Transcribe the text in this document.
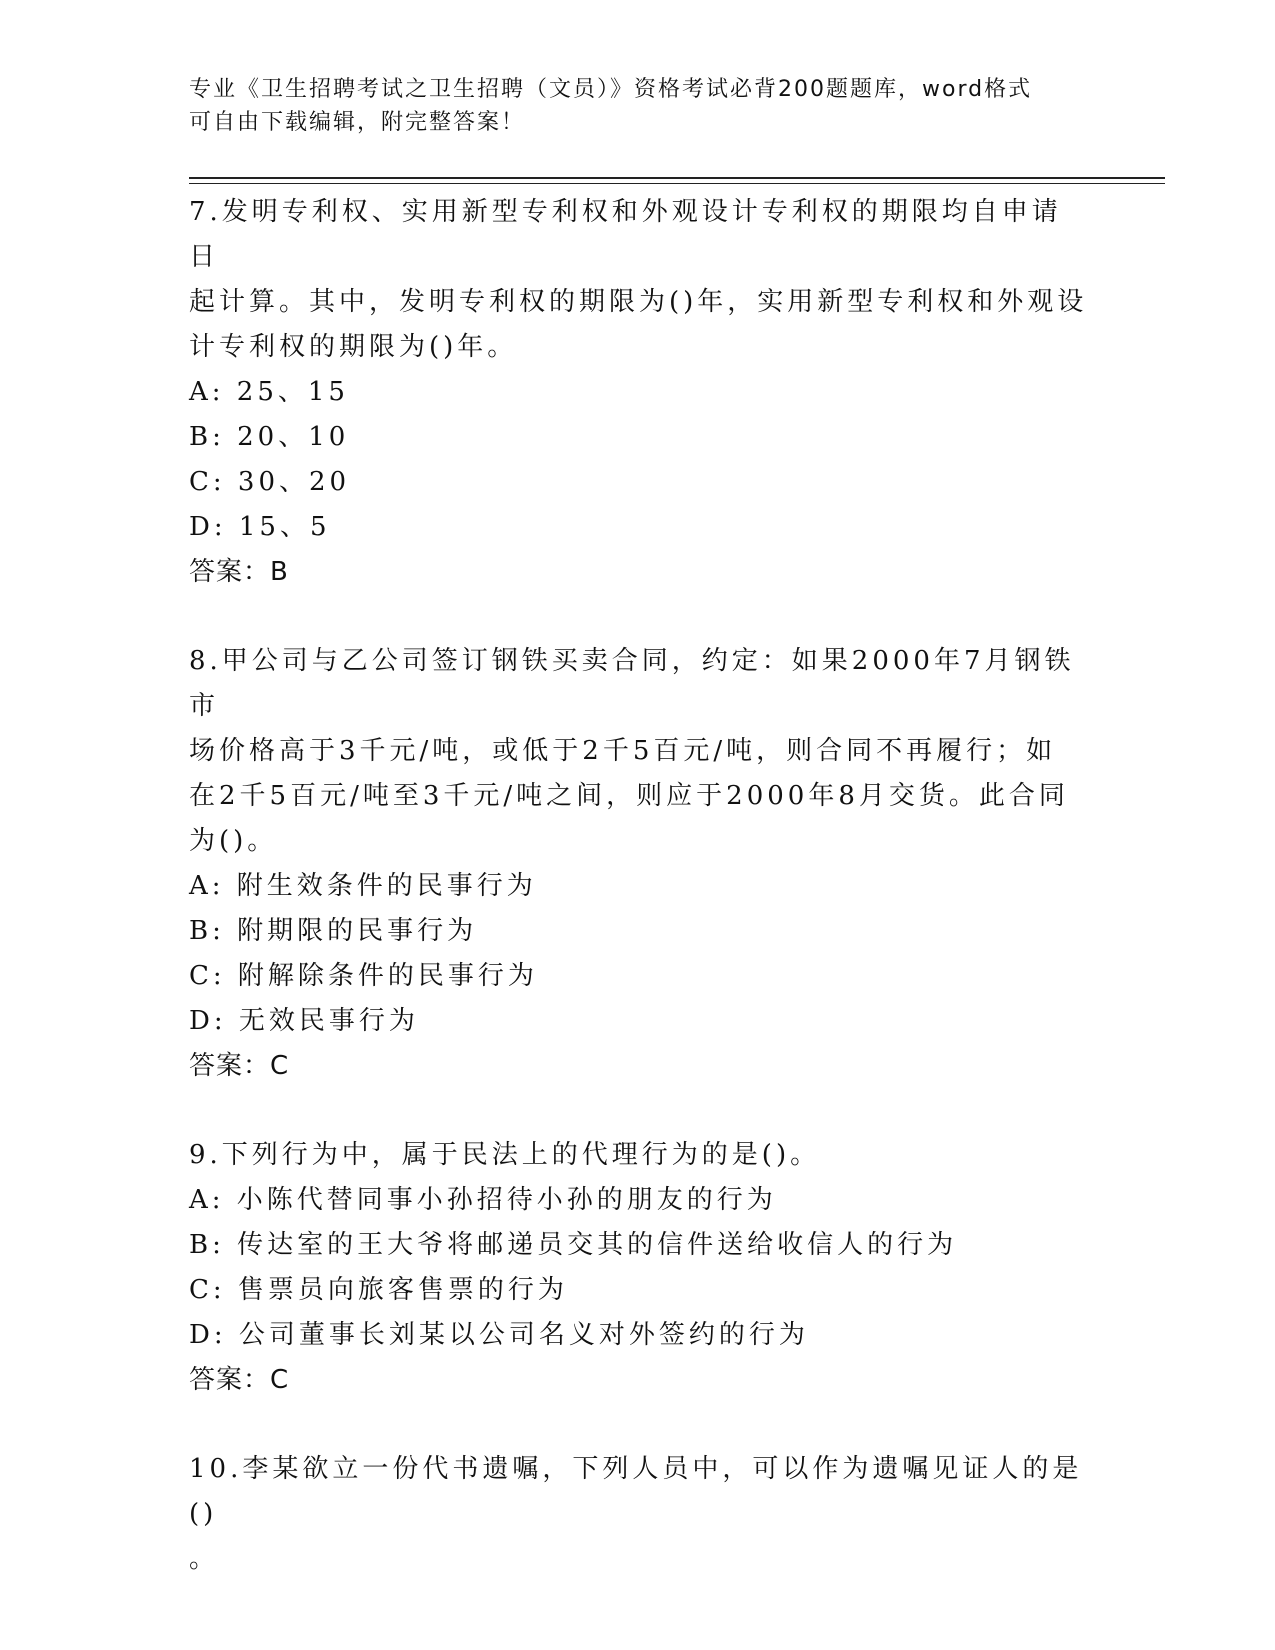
专业《卫生招聘考试之卫生招聘（文员）》资格考试必背200题题库，word格式
可自由下载编辑，附完整答案！

7.发明专利权、实用新型专利权和外观设计专利权的期限均自申请日
起计算。其中，发明专利权的期限为()年，实用新型专利权和外观设
计专利权的期限为()年。

A: 25、15

B: 20、10

C: 30、20

D: 15、5

答案：B

8.甲公司与乙公司签订钢铁买卖合同，约定：如果2000年7月钢铁市
场价格高于3千元/吨，或低于2千5百元/吨，则合同不再履行；如
在2千5百元/吨至3千元/吨之间，则应于2000年8月交货。此合同
为()。

A: 附生效条件的民事行为

B: 附期限的民事行为

C: 附解除条件的民事行为

D: 无效民事行为

答案：C

9.下列行为中，属于民法上的代理行为的是()。

A: 小陈代替同事小孙招待小孙的朋友的行为

B: 传达室的王大爷将邮递员交其的信件送给收信人的行为

C: 售票员向旅客售票的行为

D: 公司董事长刘某以公司名义对外签约的行为

答案：C

10.李某欲立一份代书遗嘱，下列人员中，可以作为遗嘱见证人的是()
。
